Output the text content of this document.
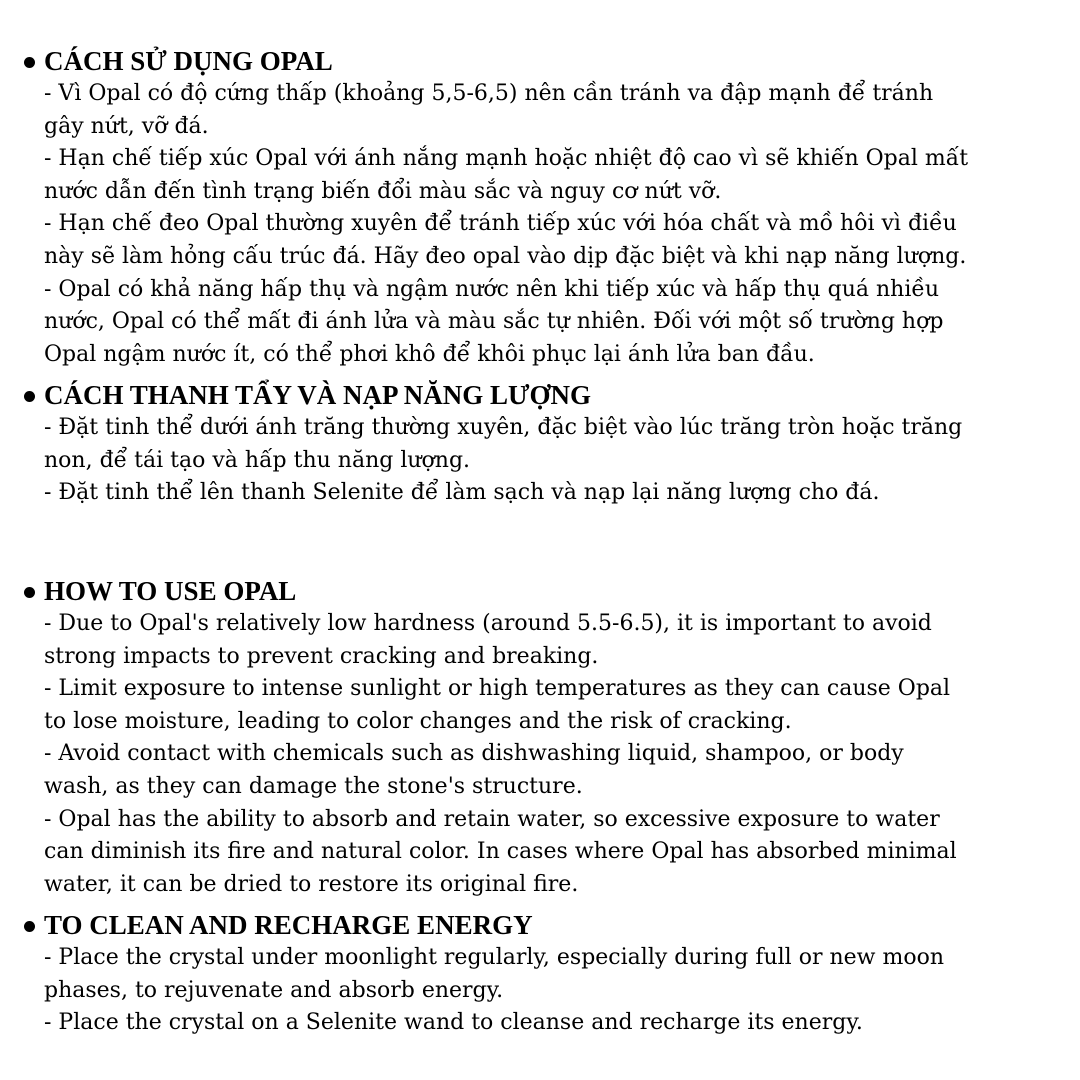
CÁCH SỬ DỤNG OPAL
- Vì Opal có độ cứng thấp (khoảng 5,5-6,5) nên cần tránh va đập mạnh để tránh
gây nứt, vỡ đá.
- Hạn chế tiếp xúc Opal với ánh nắng mạnh hoặc nhiệt độ cao vì sẽ khiến Opal mất
nước dẫn đến tình trạng biến đổi màu sắc và nguy cơ nứt vỡ.
- Hạn chế đeo Opal thường xuyên để tránh tiếp xúc với hóa chất và mồ hôi vì điều
này sẽ làm hỏng cấu trúc đá. Hãy đeo opal vào dịp đặc biệt và khi nạp năng lượng.
- Opal có khả năng hấp thụ và ngậm nước nên khi tiếp xúc và hấp thụ quá nhiều
nước, Opal có thể mất đi ánh lửa và màu sắc tự nhiên. Đối với một số trường hợp
Opal ngậm nước ít, có thể phơi khô để khôi phục lại ánh lửa ban đầu.
CÁCH THANH TẨY VÀ NẠP NĂNG LƯỢNG
- Đặt tinh thể dưới ánh trăng thường xuyên, đặc biệt vào lúc trăng tròn hoặc trăng
non, để tái tạo và hấp thu năng lượng.
- Đặt tinh thể lên thanh Selenite để làm sạch và nạp lại năng lượng cho đá.
HOW TO USE OPAL
- Due to Opal's relatively low hardness (around 5.5-6.5), it is important to avoid
strong impacts to prevent cracking and breaking.
- Limit exposure to intense sunlight or high temperatures as they can cause Opal
to lose moisture, leading to color changes and the risk of cracking.
- Avoid contact with chemicals such as dishwashing liquid, shampoo, or body
wash, as they can damage the stone's structure.
- Opal has the ability to absorb and retain water, so excessive exposure to water
can diminish its fire and natural color. In cases where Opal has absorbed minimal
water, it can be dried to restore its original fire.
TO CLEAN AND RECHARGE ENERGY
- Place the crystal under moonlight regularly, especially during full or new moon
phases, to rejuvenate and absorb energy.
- Place the crystal on a Selenite wand to cleanse and recharge its energy.
